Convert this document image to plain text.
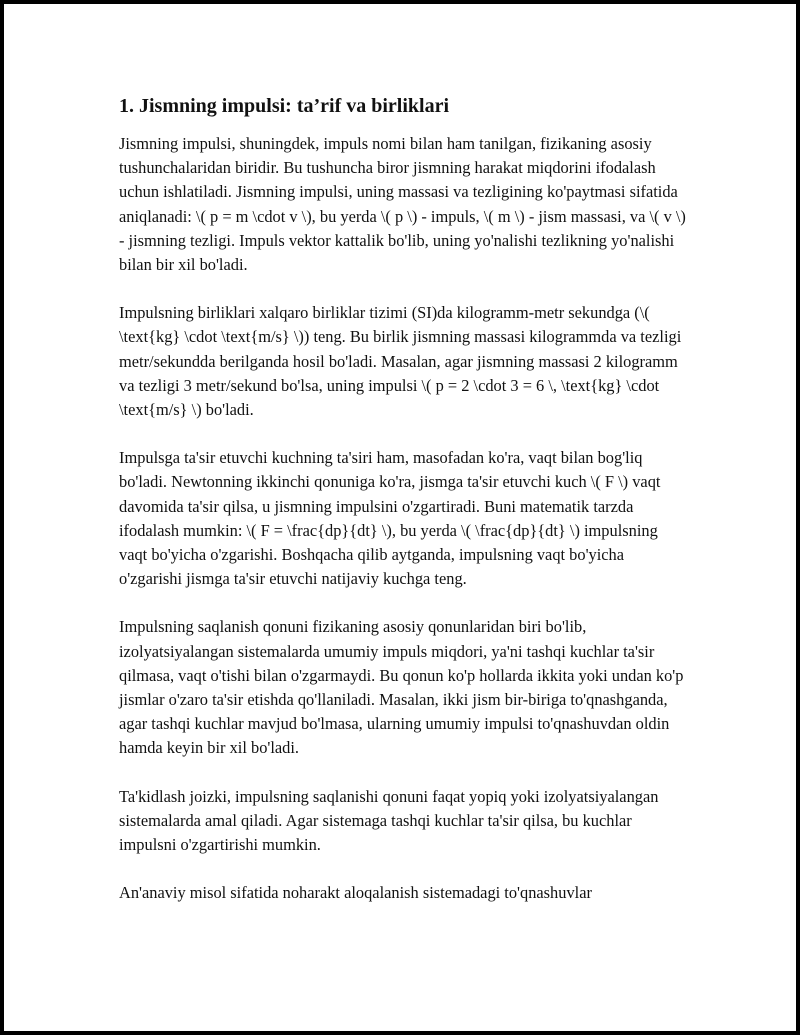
1. Jismning impulsi: ta’rif va birliklari

Jismning impulsi, shuningdek, impuls nomi bilan ham tanilgan, fizikaning asosiy tushunchalaridan biridir. Bu tushuncha biror jismning harakat miqdorini ifodalash uchun ishlatiladi. Jismning impulsi, uning massasi va tezligining ko'paytmasi sifatida aniqlanadi: \( p = m \cdot v \), bu yerda \( p \) - impuls, \( m \) - jism massasi, va \( v \) - jismning tezligi. Impuls vektor kattalik bo'lib, uning yo'nalishi tezlikning yo'nalishi bilan bir xil bo'ladi.

Impulsning birliklari xalqaro birliklar tizimi (SI)da kilogramm-metr sekundga (\( \text{kg} \cdot \text{m/s} \)) teng. Bu birlik jismning massasi kilogrammda va tezligi metr/sekundda berilganda hosil bo'ladi. Masalan, agar jismning massasi 2 kilogramm va tezligi 3 metr/sekund bo'lsa, uning impulsi \( p = 2 \cdot 3 = 6 \, \text{kg} \cdot \text{m/s} \) bo'ladi.

Impulsga ta'sir etuvchi kuchning ta'siri ham, masofadan ko'ra, vaqt bilan bog'liq bo'ladi. Newtonning ikkinchi qonuniga ko'ra, jismga ta'sir etuvchi kuch \( F \) vaqt davomida ta'sir qilsa, u jismning impulsini o'zgartiradi. Buni matematik tarzda ifodalash mumkin: \( F = \frac{dp}{dt} \), bu yerda \( \frac{dp}{dt} \) impulsning vaqt bo'yicha o'zgarishi. Boshqacha qilib aytganda, impulsning vaqt bo'yicha o'zgarishi jismga ta'sir etuvchi natijaviy kuchga teng.

Impulsning saqlanish qonuni fizikaning asosiy qonunlaridan biri bo'lib, izolyatsiyalangan sistemalarda umumiy impuls miqdori, ya'ni tashqi kuchlar ta'sir qilmasa, vaqt o'tishi bilan o'zgarmaydi. Bu qonun ko'p hollarda ikkita yoki undan ko'p jismlar o'zaro ta'sir etishda qo'llaniladi. Masalan, ikki jism bir-biriga to'qnashganda, agar tashqi kuchlar mavjud bo'lmasa, ularning umumiy impulsi to'qnashuvdan oldin hamda keyin bir xil bo'ladi.

Ta'kidlash joizki, impulsning saqlanishi qonuni faqat yopiq yoki izolyatsiyalangan sistemalarda amal qiladi. Agar sistemaga tashqi kuchlar ta'sir qilsa, bu kuchlar impulsni o'zgartirishi mumkin.

An'anaviy misol sifatida noharakt aloqalanish sistemadagi to'qnashuvlar
